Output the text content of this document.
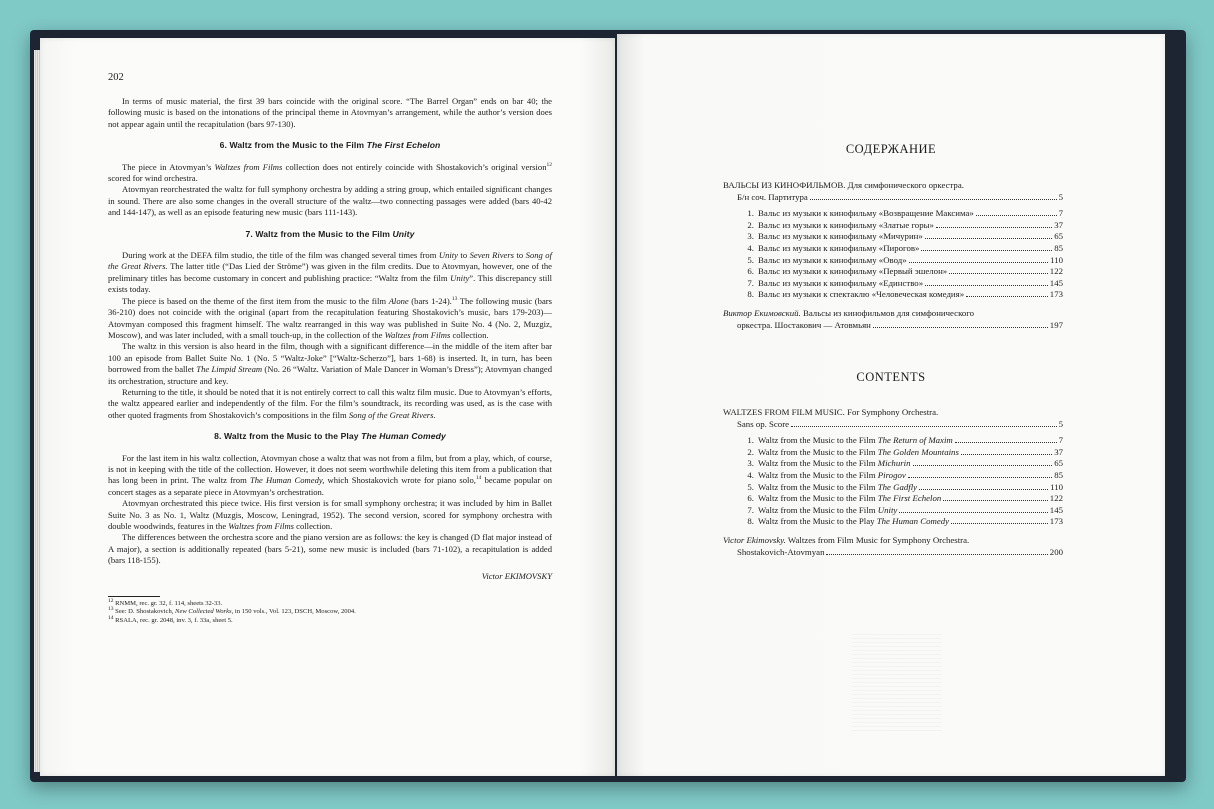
202

In terms of music material, the first 39 bars coincide with the original score. “The Barrel Organ” ends on bar 40; the following music is based on the intonations of the principal theme in Atovmyan’s arrangement, while the author’s version does not appear again until the recapitulation (bars 97-130).

6. Waltz from the Music to the Film The First Echelon

The piece in Atovmyan’s Waltzes from Films collection does not entirely coincide with Shostakovich’s original version$^{12}$ scored for wind orchestra.

Atovmyan reorchestrated the waltz for full symphony orchestra by adding a string group, which entailed significant changes in sound. There are also some changes in the overall structure of the waltz—two connecting passages were added (bars 40-42 and 144-147), as well as an episode featuring new music (bars 111-143).

7. Waltz from the Music to the Film Unity

During work at the DEFA film studio, the title of the film was changed several times from Unity to Seven Rivers to Song of the Great Rivers. The latter title (“Das Lied der Ströme”) was given in the film credits. Due to Atovmyan, however, one of the preliminary titles has become customary in concert and publishing practice: “Waltz from the film Unity”. This discrepancy still exists today.

The piece is based on the theme of the first item from the music to the film Alone (bars 1-24).$^{13}$ The following music (bars 36-210) does not coincide with the original (apart from the recapitulation featuring Shostakovich’s music, bars 179-203)—Atovmyan composed this fragment himself. The waltz rearranged in this way was published in Suite No. 4 (No. 2, Muzgiz, Moscow), and was later included, with a small touch-up, in the collection of the Waltzes from Films collection.

The waltz in this version is also heard in the film, though with a significant difference—in the middle of the item after bar 100 an episode from Ballet Suite No. 1 (No. 5 “Waltz-Joke” [“Waltz-Scherzo”], bars 1-68) is inserted. It, in turn, has been borrowed from the ballet The Limpid Stream (No. 26 “Waltz. Variation of Male Dancer in Woman’s Dress”); Atovmyan changed its orchestration, structure and key.

Returning to the title, it should be noted that it is not entirely correct to call this waltz film music. Due to Atovmyan’s efforts, the waltz appeared earlier and independently of the film. For the film’s soundtrack, its recording was used, as is the case with other quoted fragments from Shostakovich’s compositions in the film Song of the Great Rivers.

8. Waltz from the Music to the Play The Human Comedy

For the last item in his waltz collection, Atovmyan chose a waltz that was not from a film, but from a play, which, of course, is not in keeping with the title of the collection. However, it does not seem worthwhile deleting this item from a publication that has long been in print. The waltz from The Human Comedy, which Shostakovich wrote for piano solo,$^{14}$ became popular on concert stages as a separate piece in Atovmyan’s orchestration.

Atovmyan orchestrated this piece twice. His first version is for small symphony orchestra; it was included by him in Ballet Suite No. 3 as No. 1, Waltz (Muzgis, Moscow, Leningrad, 1952). The second version, scored for symphony orchestra with double woodwinds, features in the Waltzes from Films collection.

The differences between the orchestra score and the piano version are as follows: the key is changed (D flat major instead of A major), a section is additionally repeated (bars 5-21), some new music is included (bars 71-102), a recapitulation is added (bars 118-155).

Victor EKIMOVSKY
$^{12}$ RNMM, rec. gr. 32, f. 114, sheets 32-33.
$^{13}$ See: D. Shostakovich, New Collected Works, in 150 vols., Vol. 123, DSCH, Moscow, 2004.
$^{14}$ RSALA, rec. gr. 2048, inv. 3, f. 33a, sheet 5.
СОДЕРЖАНИЕ
ВАЛЬСЫ ИЗ КИНОФИЛЬМОВ. Для симфонического оркестра.
Б/н соч. Партитура	5
1. Вальс из музыки к кинофильму «Возвращение Максима»	7
2. Вальс из музыки к кинофильму «Златые горы»	37
3. Вальс из музыки к кинофильму «Мичурин»	65
4. Вальс из музыки к кинофильму «Пирогов»	85
5. Вальс из музыки к кинофильму «Овод»	110
6. Вальс из музыки к кинофильму «Первый эшелон»	122
7. Вальс из музыки к кинофильму «Единство»	145
8. Вальс из музыки к спектаклю «Человеческая комедия»	173
Виктор Екимовский. Вальсы из кинофильмов для симфонического
оркестра. Шостакович — Атовмьян	197
CONTENTS
WALTZES FROM FILM MUSIC. For Symphony Orchestra.
Sans op. Score	5
1. Waltz from the Music to the Film The Return of Maxim	7
2. Waltz from the Music to the Film The Golden Mountains	37
3. Waltz from the Music to the Film Michurin	65
4. Waltz from the Music to the Film Pirogov	85
5. Waltz from the Music to the Film The Gadfly	110
6. Waltz from the Music to the Film The First Echelon	122
7. Waltz from the Music to the Film Unity	145
8. Waltz from the Music to the Play The Human Comedy	173
Victor Ekimovsky. Waltzes from Film Music for Symphony Orchestra.
Shostakovich-Atovmyan	200
